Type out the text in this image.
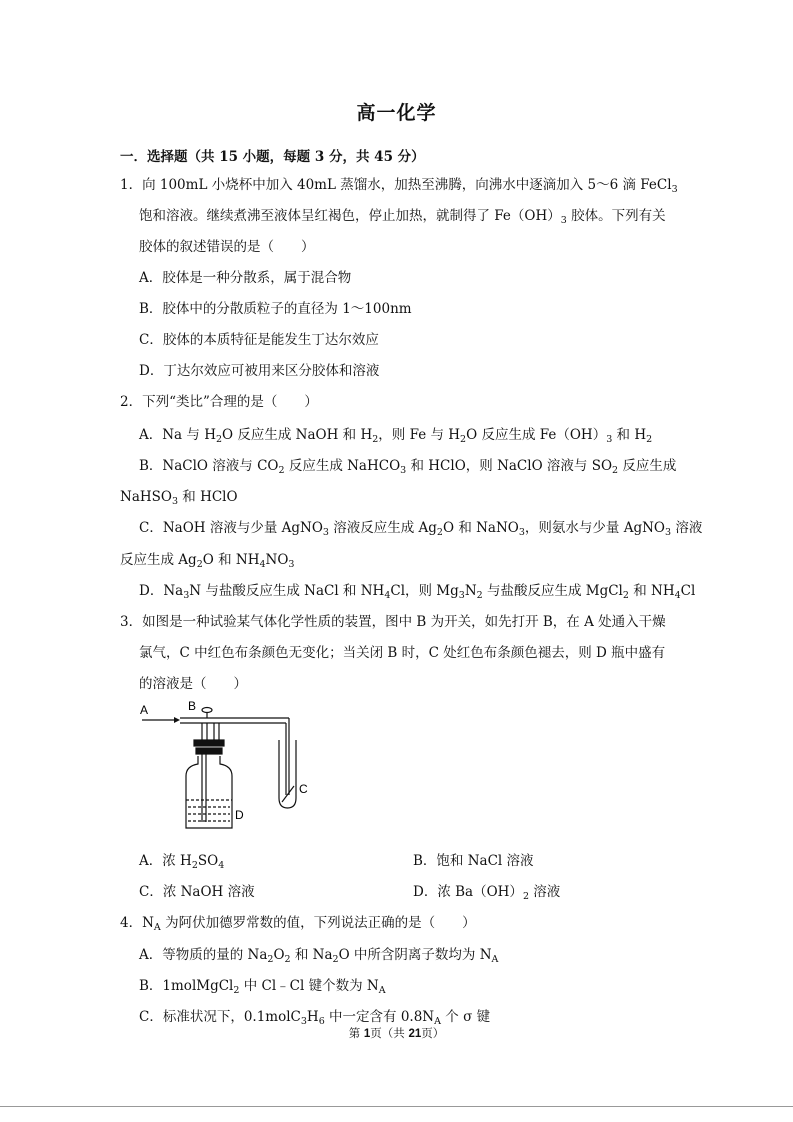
高一化学
一．选择题（共 15 小题，每题 3 分，共 45 分）
1．向 100mL 小烧杯中加入 40mL 蒸馏水，加热至沸腾，向沸水中逐滴加入 5～6 滴 FeCl$_3$
饱和溶液。继续煮沸至液体呈红褐色，停止加热，就制得了 $Fe(OH)_3$ 胶体。下列有关
胶体的叙述错误的是（　　）
A．胶体是一种分散系，属于混合物
B．胶体中的分散质粒子的直径为 1～100nm
C．胶体的本质特征是能发生丁达尔效应
D．丁达尔效应可被用来区分胶体和溶液
2．下列“类比”合理的是（　　）
A．Na 与 $H_2O$ 反应生成 NaOH 和 $H_2$，则 Fe 与 $H_2O$ 反应生成 $Fe(OH)_3$ 和 $H_2$
B．NaClO 溶液与 $CO_2$ 反应生成 NaHCO$_3$ 和 HClO，则 NaClO 溶液与 $SO_2$ 反应生成
NaHSO$_3$ 和 HClO
C．NaOH 溶液与少量 AgNO$_3$ 溶液反应生成 $Ag_2O$ 和 NaNO$_3$，则氨水与少量 AgNO$_3$ 溶液
反应生成 $Ag_2O$ 和 $NH_4NO_3$
D．$Na_3N$ 与盐酸反应生成 NaCl 和 $NH_4Cl$，则 $Mg_3N_2$ 与盐酸反应生成 MgCl$_2$ 和 $NH_4Cl$
3．如图是一种试验某气体化学性质的装置，图中 B 为开关，如先打开 B，在 A 处通入干燥
氯气，C 中红色布条颜色无变化；当关闭 B 时，C 处红色布条颜色褪去，则 D 瓶中盛有
的溶液是（　　）
A	B
C
D
A．浓 $H_2SO_4$	B．饱和 NaCl 溶液
C．浓 NaOH 溶液	D．浓 $Ba(OH)_2$ 溶液
4．$N_A$ 为阿伏加德罗常数的值，下列说法正确的是（　　）
A．等物质的量的 $Na_2O_2$ 和 $Na_2O$ 中所含阴离子数均为 $N_A$
B．1molMgCl$_2$ 中 Cl﹣Cl 键个数为 $N_A$
C．标准状况下，$0.1molC_3H_6$ 中一定含有 $0.8N_A$ 个 σ 键
第 1页（共 21页）
